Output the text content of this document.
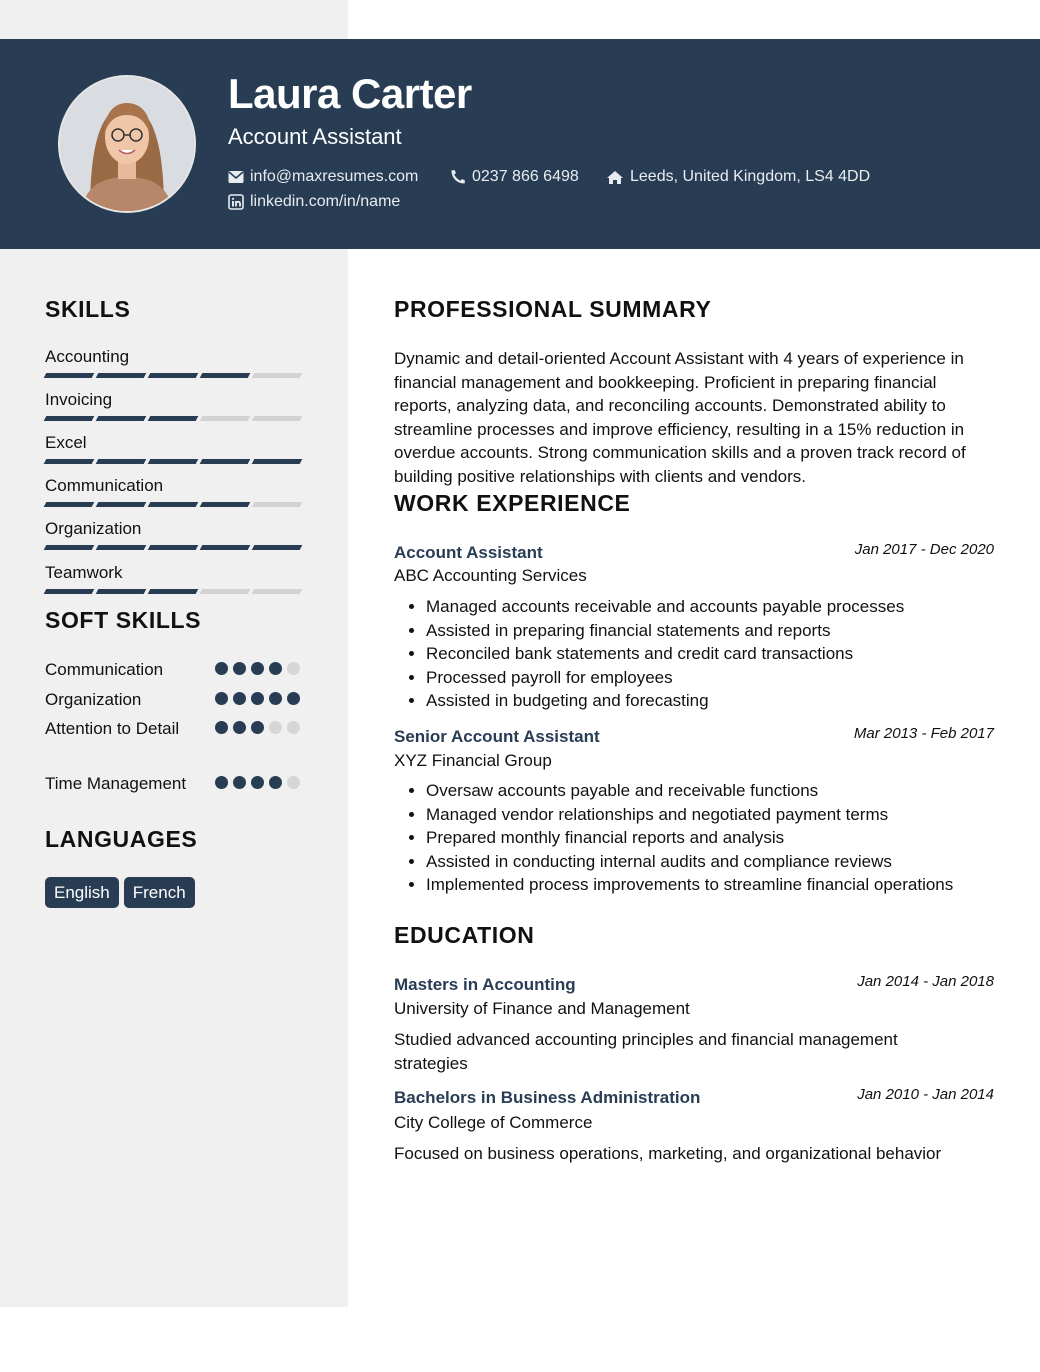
Laura Carter

Account Assistant

info@maxresumes.com	0237 866 6498	Leeds, United Kingdom, LS4 4DD
linkedin.com/in/name
SKILLS
Accounting
Invoicing
Excel
Communication
Organization
Teamwork
SOFT SKILLS
Communication
Organization
Attention to Detail
Time Management
LANGUAGES
English	French
PROFESSIONAL SUMMARY

Dynamic and detail-oriented Account Assistant with 4 years of experience in financial management and bookkeeping. Proficient in preparing financial reports, analyzing data, and reconciling accounts. Demonstrated ability to streamline processes and improve efficiency, resulting in a 15% reduction in overdue accounts. Strong communication skills and a proven track record of building positive relationships with clients and vendors.

WORK EXPERIENCE

Account Assistant	Jan 2017 - Dec 2020

ABC Accounting Services

• Managed accounts receivable and accounts payable processes
• Assisted in preparing financial statements and reports
• Reconciled bank statements and credit card transactions
• Processed payroll for employees
• Assisted in budgeting and forecasting

Senior Account Assistant	Mar 2013 - Feb 2017

XYZ Financial Group

• Oversaw accounts payable and receivable functions
• Managed vendor relationships and negotiated payment terms
• Prepared monthly financial reports and analysis
• Assisted in conducting internal audits and compliance reviews
• Implemented process improvements to streamline financial operations
EDUCATION

Masters in Accounting	Jan 2014 - Jan 2018

University of Finance and Management

Studied advanced accounting principles and financial management strategies

Bachelors in Business Administration	Jan 2010 - Jan 2014

City College of Commerce

Focused on business operations, marketing, and organizational behavior
